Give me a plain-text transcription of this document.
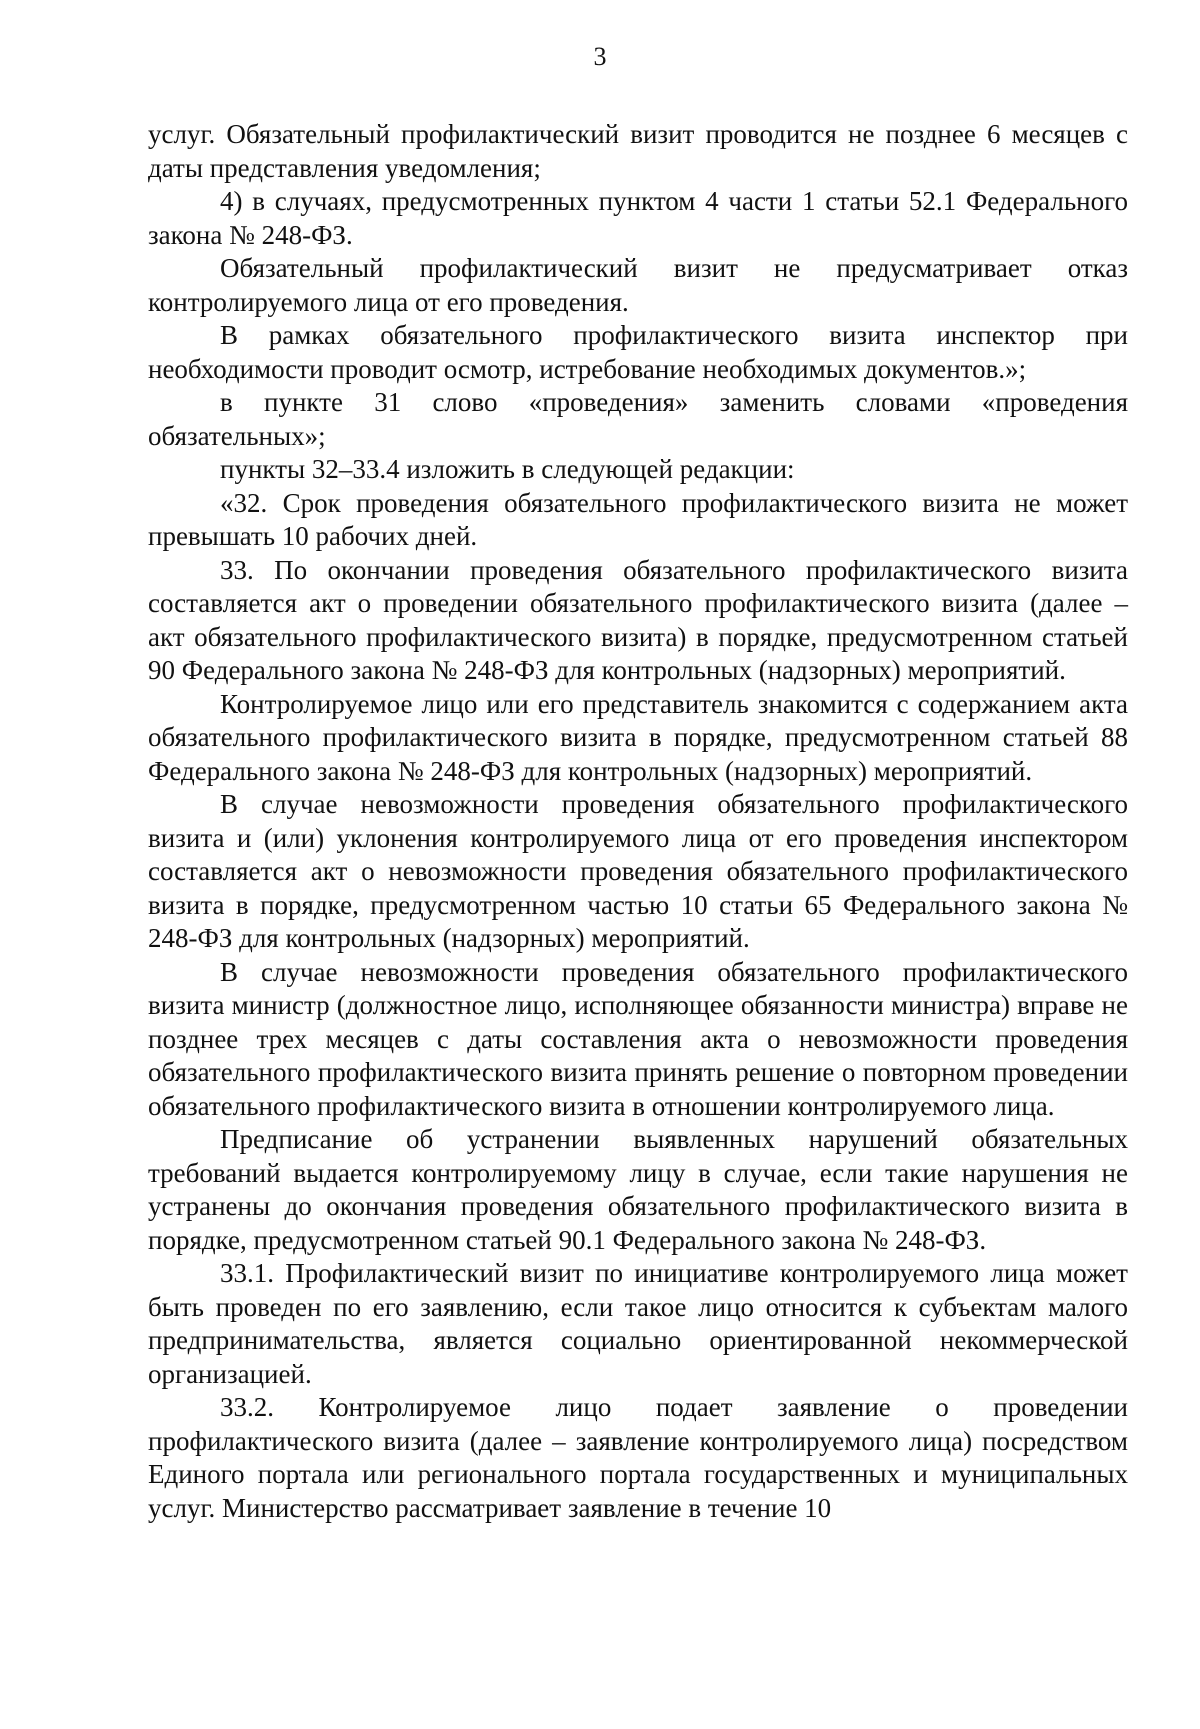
3

услуг. Обязательный профилактический визит проводится не позднее 6 месяцев с даты представления уведомления;

4) в случаях, предусмотренных пунктом 4 части 1 статьи 52.1 Федерального закона № 248-ФЗ.

Обязательный профилактический визит не предусматривает отказ контролируемого лица от его проведения.

В рамках обязательного профилактического визита инспектор при необходимости проводит осмотр, истребование необходимых документов.»;

в пункте 31 слово «проведения» заменить словами «проведения обязательных»;

пункты 32–33.4 изложить в следующей редакции:

«32. Срок проведения обязательного профилактического визита не может превышать 10 рабочих дней.

33. По окончании проведения обязательного профилактического визита составляется акт о проведении обязательного профилактического визита (далее – акт обязательного профилактического визита) в порядке, предусмотренном статьей 90 Федерального закона № 248-ФЗ для контрольных (надзорных) мероприятий.

Контролируемое лицо или его представитель знакомится с содержанием акта обязательного профилактического визита в порядке, предусмотренном статьей 88 Федерального закона № 248-ФЗ для контрольных (надзорных) мероприятий.

В случае невозможности проведения обязательного профилактического визита и (или) уклонения контролируемого лица от его проведения инспектором составляется акт о невозможности проведения обязательного профилактического визита в порядке, предусмотренном частью 10 статьи 65 Федерального закона № 248-ФЗ для контрольных (надзорных) мероприятий.

В случае невозможности проведения обязательного профилактического визита министр (должностное лицо, исполняющее обязанности министра) вправе не позднее трех месяцев с даты составления акта о невозможности проведения обязательного профилактического визита принять решение о повторном проведении обязательного профилактического визита в отношении контролируемого лица.

Предписание об устранении выявленных нарушений обязательных требований выдается контролируемому лицу в случае, если такие нарушения не устранены до окончания проведения обязательного профилактического визита в порядке, предусмотренном статьей 90.1 Федерального закона № 248-ФЗ.

33.1. Профилактический визит по инициативе контролируемого лица может быть проведен по его заявлению, если такое лицо относится к субъектам малого предпринимательства, является социально ориентированной некоммерческой организацией.

33.2. Контролируемое лицо подает заявление о проведении профилактического визита (далее – заявление контролируемого лица) посредством Единого портала или регионального портала государственных и муниципальных услуг. Министерство рассматривает заявление в течение 10
